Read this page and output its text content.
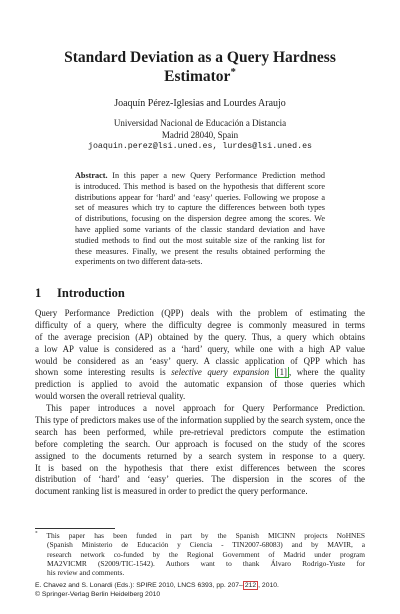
Standard Deviation as a Query Hardness
Estimator*
Joaquín Pérez-Iglesias and Lourdes Araujo
Universidad Nacional de Educación a Distancia
Madrid 28040, Spain
joaquin.perez@lsi.uned.es, lurdes@lsi.uned.es
Abstract. In this paper a new Query Performance Prediction method
is introduced. This method is based on the hypothesis that different score
distributions appear for ‘hard’ and ‘easy’ queries. Following we propose a
set of measures which try to capture the differences between both types
of distributions, focusing on the dispersion degree among the scores. We
have applied some variants of the classic standard deviation and have
studied methods to find out the most suitable size of the ranking list for
these measures. Finally, we present the results obtained performing the
experiments on two different data-sets.
1 Introduction
Query Performance Prediction (QPP) deals with the problem of estimating the
difficulty of a query, where the difficulty degree is commonly measured in terms
of the average precision (AP) obtained by the query. Thus, a query which obtains
a low AP value is considered as a ‘hard’ query, while one with a high AP value
would be considered as an ‘easy’ query. A classic application of QPP which has
shown some interesting results is selective query expansion [1] , where the quality
prediction is applied to avoid the automatic expansion of those queries which
would worsen the overall retrieval quality.
This paper introduces a novel approach for Query Performance Prediction.
This type of predictors makes use of the information supplied by the search system, once the
search has been performed, while pre-retrieval predictors compute the estimation
before completing the search. Our approach is focused on the study of the scores
assigned to the documents returned by a search system in response to a query.
It is based on the hypothesis that there exist differences between the scores
distribution of ‘hard’ and ‘easy’ queries. The dispersion in the scores of the
document ranking list is measured in order to predict the query performance.
* This paper has been funded in part by the Spanish MICINN projects NoHNES
(Spanish Ministerio de Educación y Ciencia - TIN2007-68083) and by MAVIR, a
research network co-funded by the Regional Government of Madrid under program
MA2VICMR (S2009/TIC-1542). Authors want to thank Álvaro Rodrigo-Yuste for
his review and comments.
E. Chavez and S. Lonardi (Eds.): SPIRE 2010, LNCS 6393, pp. 207– 212 , 2010.
© Springer-Verlag Berlin Heidelberg 2010
